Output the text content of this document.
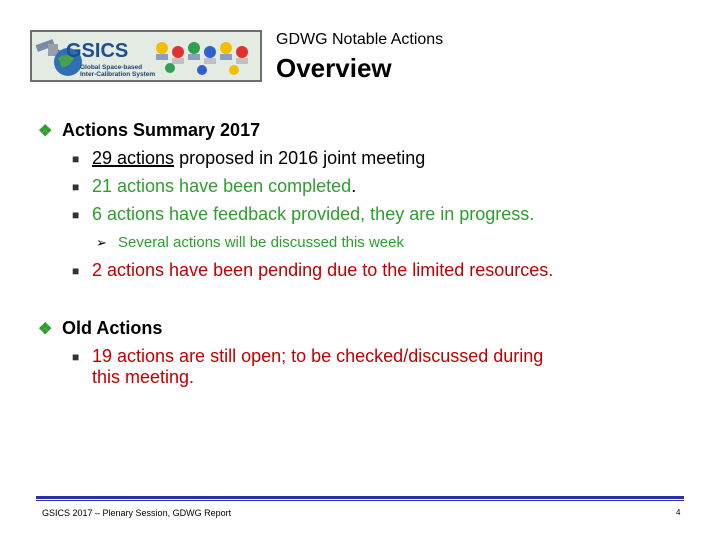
GSICS
Global Space-based
Inter-Calibration System
GDWG Notable Actions
Overview
❖ Actions Summary 2017
■ 29 actions proposed in 2016 joint meeting
■ 21 actions have been completed.
■ 6 actions have feedback provided, they are in progress.
➢ Several actions will be discussed this week
■ 2 actions have been pending due to the limited resources.
❖ Old Actions
■ 19 actions are still open; to be checked/discussed during
this meeting.
GSICS 2017 – Plenary Session, GDWG Report	4
